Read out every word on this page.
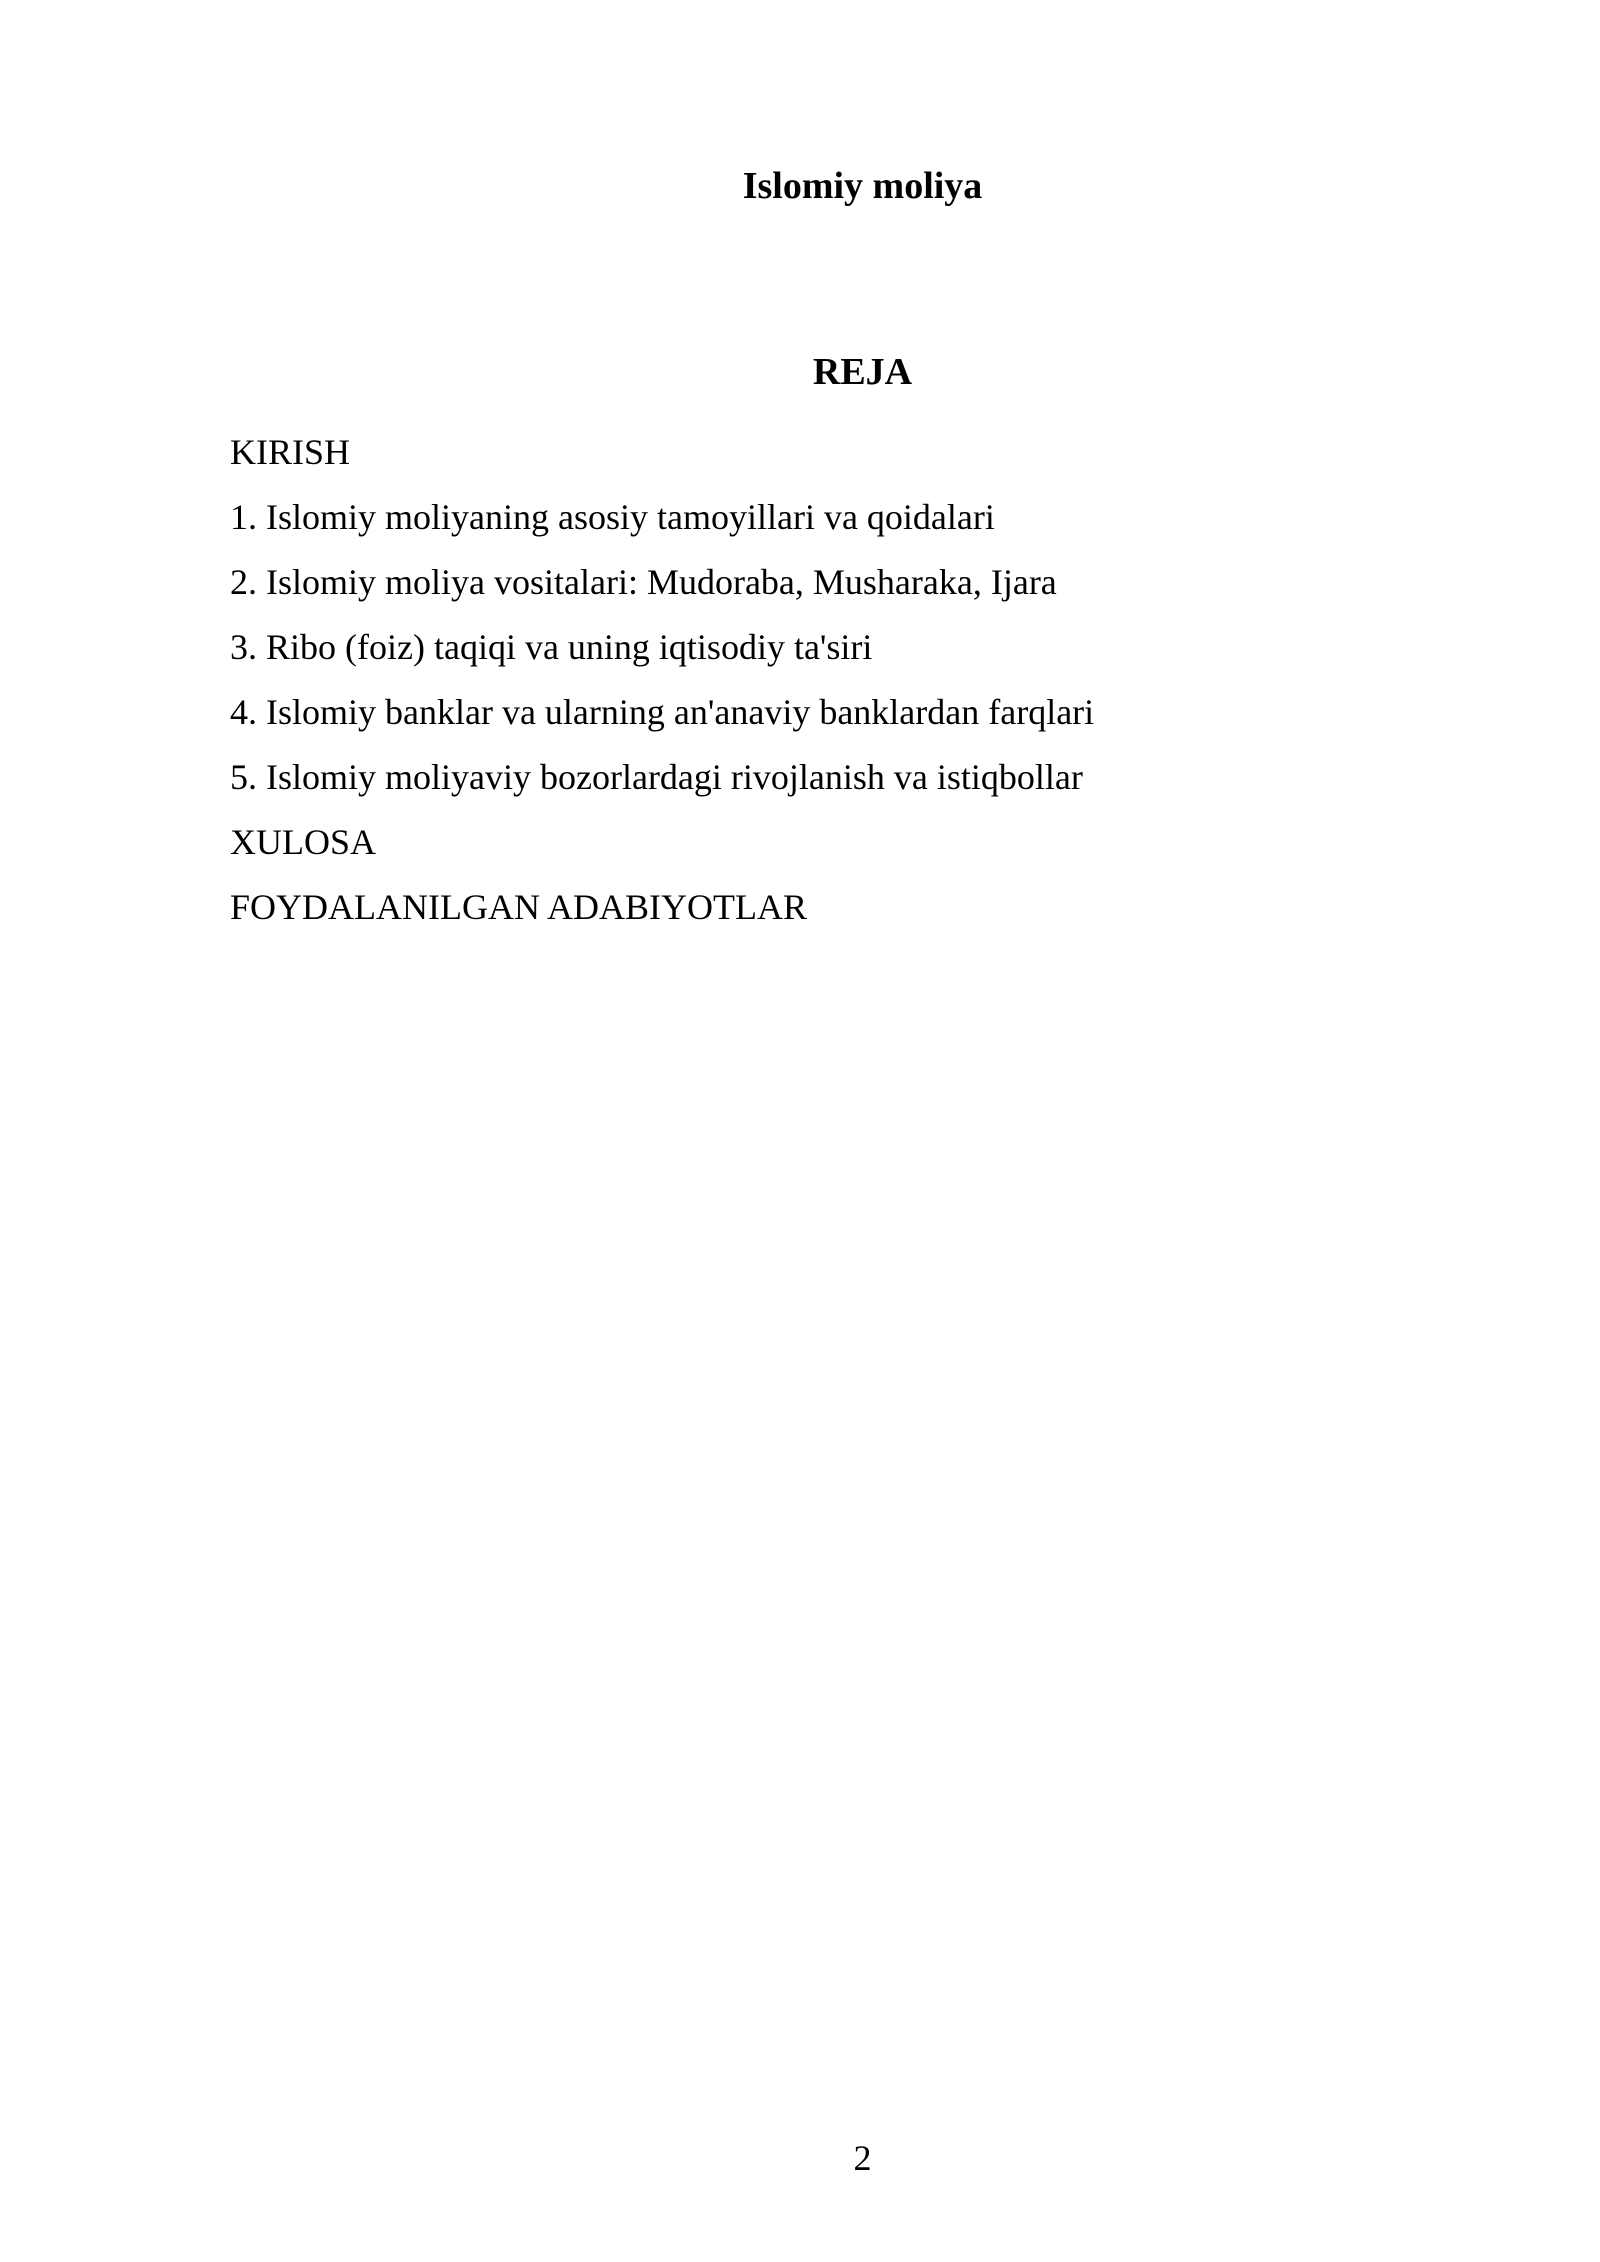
Islomiy moliya
REJA
KIRISH
1. Islomiy moliyaning asosiy tamoyillari va qoidalari
2. Islomiy moliya vositalari: Mudoraba, Musharaka, Ijara
3. Ribo (foiz) taqiqi va uning iqtisodiy ta'siri
4. Islomiy banklar va ularning an'anaviy banklardan farqlari
5. Islomiy moliyaviy bozorlardagi rivojlanish va istiqbollar
XULOSA
FOYDALANILGAN ADABIYOTLAR
2
